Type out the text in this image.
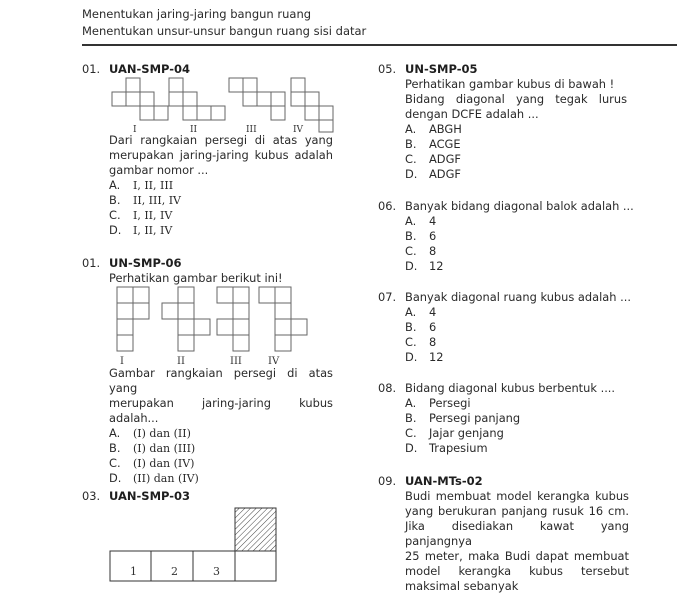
Menentukan jaring-jaring bangun ruang
Menentukan unsur-unsur bangun ruang sisi datar
01. UAN-SMP-04
I	II	III	IV
Dari rangkaian persegi di atas yang
merupakan jaring-jaring kubus adalah
gambar nomor ...
A.	I, II, III
B.	II, III, IV
C.	I, II, IV
D.	I, II, IV
01. UN-SMP-06
Perhatikan gambar berikut ini!
I	II	III	IV
Gambar rangkaian persegi di atas yang
merupakan jaring-jaring kubus
adalah...
A.	(I) dan (II)
B.	(I) dan (III)
C.	(I) dan (IV)
D.	(II) dan (IV)
03. UAN-SMP-03
1	2	3
05. UN-SMP-05
Perhatikan gambar kubus di bawah !
Bidang diagonal yang tegak lurus
dengan DCFE adalah ...
A.	ABGH
B.	ACGE
C.	ADGF
D.	ADGF
06. Banyak bidang diagonal balok adalah ...
A.	4
B.	6
C.	8
D.	12
07. Banyak diagonal ruang kubus adalah ...
A.	4
B.	6
C.	8
D.	12
08. Bidang diagonal kubus berbentuk ....
A.	Persegi
B.	Persegi panjang
C.	Jajar genjang
D.	Trapesium
09. UAN-MTs-02
Budi membuat model kerangka kubus
yang berukuran panjang rusuk 16 cm.
Jika disediakan kawat yang panjangnya
25 meter, maka Budi dapat membuat
model kerangka kubus tersebut
maksimal sebanyak
